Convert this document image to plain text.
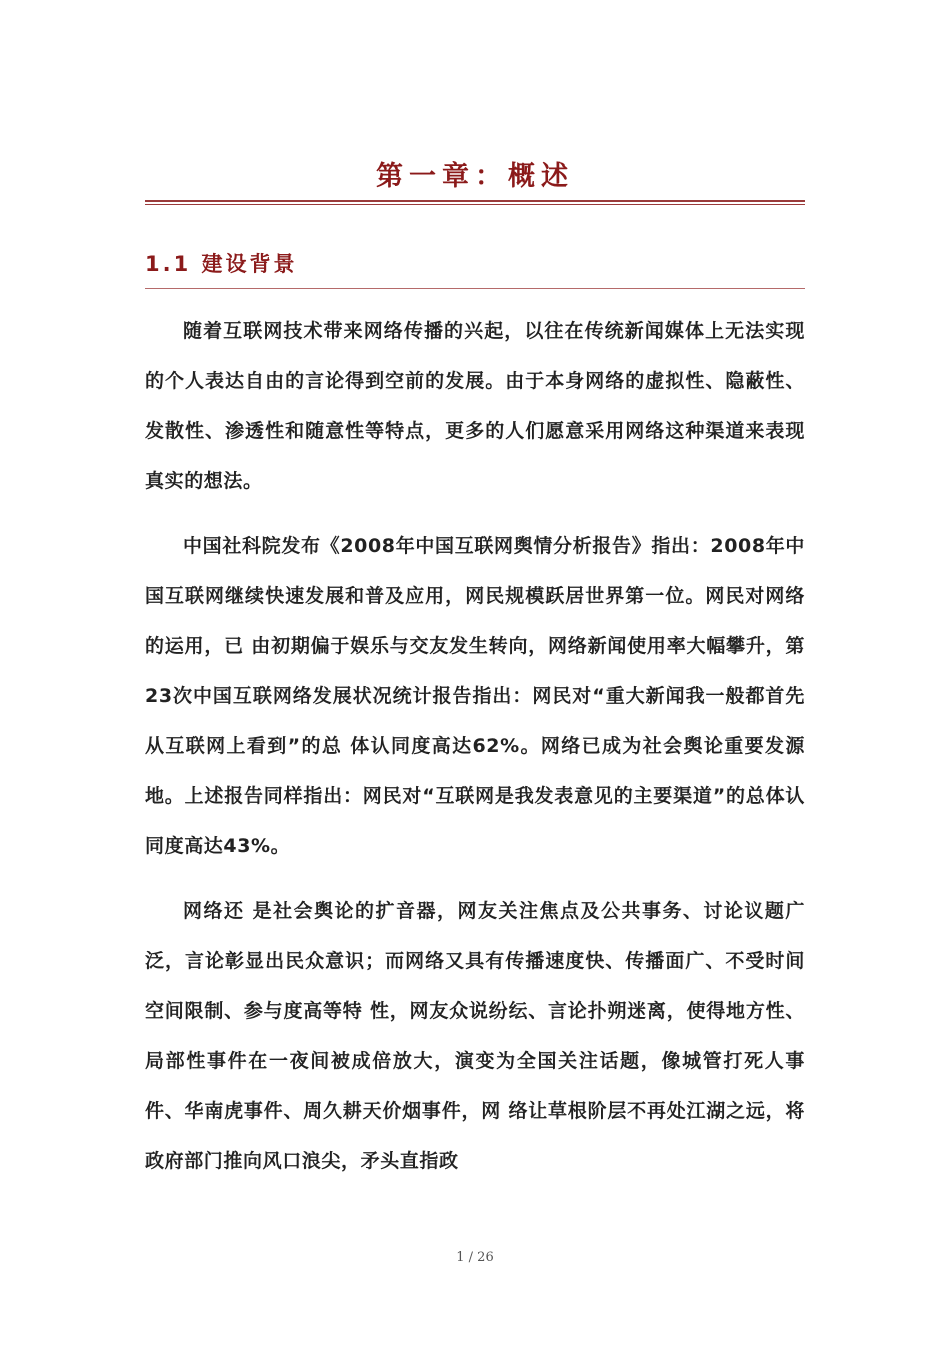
第一章：概述
1.1 建设背景

随着互联网技术带来网络传播的兴起，以往在传统新闻媒体上无法实现的个人表达自由的言论得到空前的发展。由于本身网络的虚拟性、隐蔽性、发散性、渗透性和随意性等特点，更多的人们愿意采用网络这种渠道来表现真实的想法。

中国社科院发布《2008年中国互联网舆情分析报告》指出：2008年中国互联网继续快速发展和普及应用，网民规模跃居世界第一位。网民对网络的运用，已 由初期偏于娱乐与交友发生转向，网络新闻使用率大幅攀升，第23次中国互联网络发展状况统计报告指出：网民对“重大新闻我一般都首先从互联网上看到”的总 体认同度高达62%。网络已成为社会舆论重要发源地。上述报告同样指出：网民对“互联网是我发表意见的主要渠道”的总体认同度高达43%。

网络还 是社会舆论的扩音器，网友关注焦点及公共事务、讨论议题广泛，言论彰显出民众意识；而网络又具有传播速度快、传播面广、不受时间空间限制、参与度高等特 性，网友众说纷纭、言论扑朔迷离，使得地方性、局部性事件在一夜间被成倍放大，演变为全国关注话题，像城管打死人事件、华南虎事件、周久耕天价烟事件，网 络让草根阶层不再处江湖之远，将政府部门推向风口浪尖，矛头直指政

1 / 26
